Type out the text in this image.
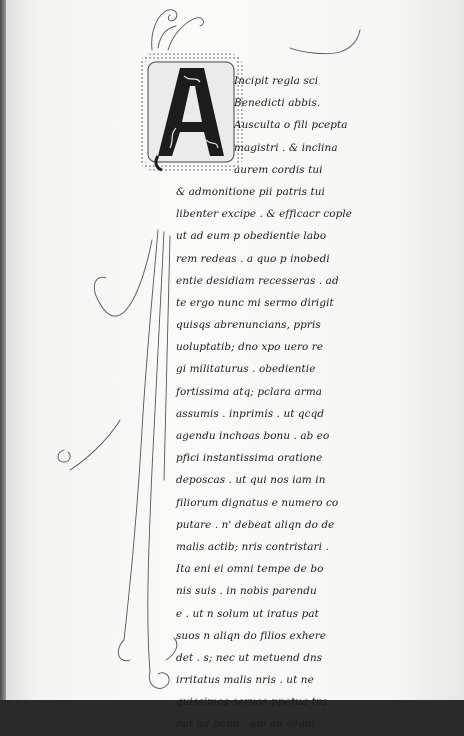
Incipit regla sci
Benedicti abbis.
Ausculta o fili pcepta
magistri . & inclina
aurem cordis tui
& admonitione pii patris tui
libenter excipe . & efficacr cople
ut ad eum p obedientie labo
rem redeas . a quo p inobedi
entie desidiam recesseras . ad
te ergo nunc mi sermo dirigit
quisqs abrenuncians, ppris
uoluptatib; dno xpo uero re
gi militaturus . obedientie
fortissima atq; pclara arma
assumis . inprimis . ut qcqd
agendu inchoas bonu . ab eo
pfici instantissima oratione
deposcas . ut qui nos iam in
filiorum dignatus e numero co
putare . n' debeat aliqn do de
malis actib; nris contristari .
Ita eni ei omni tempe de bo
nis suis . in nobis parendu
e . ut n solum ut iratus pat
suos n aliqn do filios exhere
det . s; nec ut metuend dns
irritatus malis nris . ut ne
quissimos seruos ppetua tra
dat ad pena . qui eu sequi
